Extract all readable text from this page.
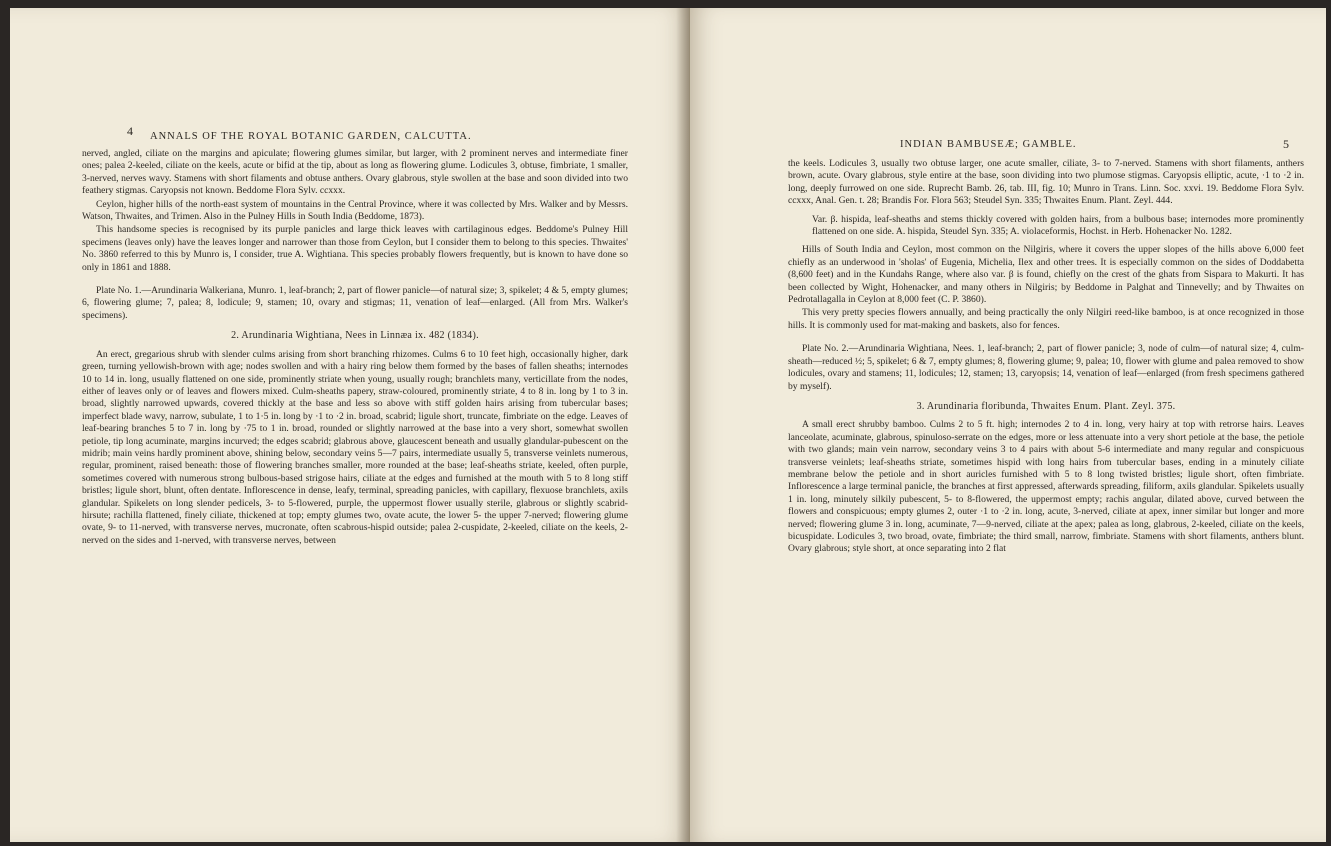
4 ANNALS OF THE ROYAL BOTANIC GARDEN, CALCUTTA.

nerved, angled, ciliate on the margins and apiculate; flowering glumes similar, but larger, with 2 prominent nerves and intermediate finer ones; palea 2-keeled, ciliate on the keels, acute or bifid at the tip, about as long as flowering glume. Lodicules 3, obtuse, fimbriate, 1 smaller, 3-nerved, nerves wavy. Stamens with short filaments and obtuse anthers. Ovary glabrous, style swollen at the base and soon divided into two feathery stigmas. Caryopsis not known. Beddome Flora Sylv. ccxxx.

Ceylon, higher hills of the north-east system of mountains in the Central Province, where it was collected by Mrs. Walker and by Messrs. Watson, Thwaites, and Trimen. Also in the Pulney Hills in South India (Beddome, 1873).

This handsome species is recognised by its purple panicles and large thick leaves with cartilaginous edges. Beddome's Pulney Hill specimens (leaves only) have the leaves longer and narrower than those from Ceylon, but I consider them to belong to this species. Thwaites' No. 3860 referred to this by Munro is, I consider, true A. Wightiana. This species probably flowers frequently, but is known to have done so only in 1861 and 1888.

Plate No. 1.—Arundinaria Walkeriana, Munro. 1, leaf-branch; 2, part of flower panicle—of natural size; 3, spikelet; 4 & 5, empty glumes; 6, flowering glume; 7, palea; 8, lodicule; 9, stamen; 10, ovary and stigmas; 11, venation of leaf—enlarged. (All from Mrs. Walker's specimens).

2. Arundinaria Wightiana, Nees in Linnæa ix. 482 (1834).

An erect, gregarious shrub with slender culms arising from short branching rhizomes. Culms 6 to 10 feet high, occasionally higher, dark green, turning yellowish-brown with age; nodes swollen and with a hairy ring below them formed by the bases of fallen sheaths; internodes 10 to 14 in. long, usually flattened on one side, prominently striate when young, usually rough; branchlets many, verticillate from the nodes, either of leaves only or of leaves and flowers mixed. Culm-sheaths papery, straw-coloured, prominently striate, 4 to 8 in. long by 1 to 3 in. broad, slightly narrowed upwards, covered thickly at the base and less so above with stiff golden hairs arising from tubercular bases; imperfect blade wavy, narrow, subulate, 1 to 1·5 in. long by ·1 to ·2 in. broad, scabrid; ligule short, truncate, fimbriate on the edge. Leaves of leaf-bearing branches 5 to 7 in. long by ·75 to 1 in. broad, rounded or slightly narrowed at the base into a very short, somewhat swollen petiole, tip long acuminate, margins incurved; the edges scabrid; glabrous above, glaucescent beneath and usually glandular-pubescent on the midrib; main veins hardly prominent above, shining below, secondary veins 5—7 pairs, intermediate usually 5, transverse veinlets numerous, regular, prominent, raised beneath: those of flowering branches smaller, more rounded at the base; leaf-sheaths striate, keeled, often purple, sometimes covered with numerous strong bulbous-based strigose hairs, ciliate at the edges and furnished at the mouth with 5 to 8 long stiff bristles; ligule short, blunt, often dentate. Inflorescence in dense, leafy, terminal, spreading panicles, with capillary, flexuose branchlets, axils glandular. Spikelets on long slender pedicels, 3- to 5-flowered, purple, the uppermost flower usually sterile, glabrous or slightly scabrid-hirsute; rachilla flattened, finely ciliate, thickened at top; empty glumes two, ovate acute, the lower 5- the upper 7-nerved; flowering glume ovate, 9- to 11-nerved, with transverse nerves, mucronate, often scabrous-hispid outside; palea 2-cuspidate, 2-keeled, ciliate on the keels, 2-nerved on the sides and 1-nerved, with transverse nerves, between

INDIAN BAMBUSEÆ; GAMBLE.	5

the keels. Lodicules 3, usually two obtuse larger, one acute smaller, ciliate, 3- to 7-nerved. Stamens with short filaments, anthers brown, acute. Ovary glabrous, style entire at the base, soon dividing into two plumose stigmas. Caryopsis elliptic, acute, ·1 to ·2 in. long, deeply furrowed on one side. Ruprecht Bamb. 26, tab. III, fig. 10; Munro in Trans. Linn. Soc. xxvi. 19. Beddome Flora Sylv. ccxxx, Anal. Gen. t. 28; Brandis For. Flora 563; Steudel Syn. 335; Thwaites Enum. Plant. Zeyl. 444.

Var. β. hispida, leaf-sheaths and stems thickly covered with golden hairs, from a bulbous base; internodes more prominently flattened on one side. A. hispida, Steudel Syn. 335; A. violaceformis, Hochst. in Herb. Hohenacker No. 1282.

Hills of South India and Ceylon, most common on the Nilgiris, where it covers the upper slopes of the hills above 6,000 feet chiefly as an underwood in 'sholas' of Eugenia, Michelia, Ilex and other trees. It is especially common on the sides of Doddabetta (8,600 feet) and in the Kundahs Range, where also var. β is found, chiefly on the crest of the ghats from Sispara to Makurti. It has been collected by Wight, Hohenacker, and many others in Nilgiris; by Beddome in Palghat and Tinnevelly; and by Thwaites on Pedrotallagalla in Ceylon at 8,000 feet (C. P. 3860).

This very pretty species flowers annually, and being practically the only Nilgiri reed-like bamboo, is at once recognized in those hills. It is commonly used for mat-making and baskets, also for fences.

Plate No. 2.—Arundinaria Wightiana, Nees. 1, leaf-branch; 2, part of flower panicle; 3, node of culm—of natural size; 4, culm-sheath—reduced ½; 5, spikelet; 6 & 7, empty glumes; 8, flowering glume; 9, palea; 10, flower with glume and palea removed to show lodicules, ovary and stamens; 11, lodicules; 12, stamen; 13, caryopsis; 14, venation of leaf—enlarged (from fresh specimens gathered by myself).

3. Arundinaria floribunda, Thwaites Enum. Plant. Zeyl. 375.

A small erect shrubby bamboo. Culms 2 to 5 ft. high; internodes 2 to 4 in. long, very hairy at top with retrorse hairs. Leaves lanceolate, acuminate, glabrous, spinuloso-serrate on the edges, more or less attenuate into a very short petiole at the base, the petiole with two glands; main vein narrow, secondary veins 3 to 4 pairs with about 5-6 intermediate and many regular and conspicuous transverse veinlets; leaf-sheaths striate, sometimes hispid with long hairs from tubercular bases, ending in a minutely ciliate membrane below the petiole and in short auricles furnished with 5 to 8 long twisted bristles; ligule short, often fimbriate. Inflorescence a large terminal panicle, the branches at first appressed, afterwards spreading, filiform, axils glandular. Spikelets usually 1 in. long, minutely silkily pubescent, 5- to 8-flowered, the uppermost empty; rachis angular, dilated above, curved between the flowers and conspicuous; empty glumes 2, outer ·1 to ·2 in. long, acute, 3-nerved, ciliate at apex, inner similar but longer and more nerved; flowering glume 3 in. long, acuminate, 7—9-nerved, ciliate at the apex; palea as long, glabrous, 2-keeled, ciliate on the keels, bicuspidate. Lodicules 3, two broad, ovate, fimbriate; the third small, narrow, fimbriate. Stamens with short filaments, anthers blunt. Ovary glabrous; style short, at once separating into 2 flat
